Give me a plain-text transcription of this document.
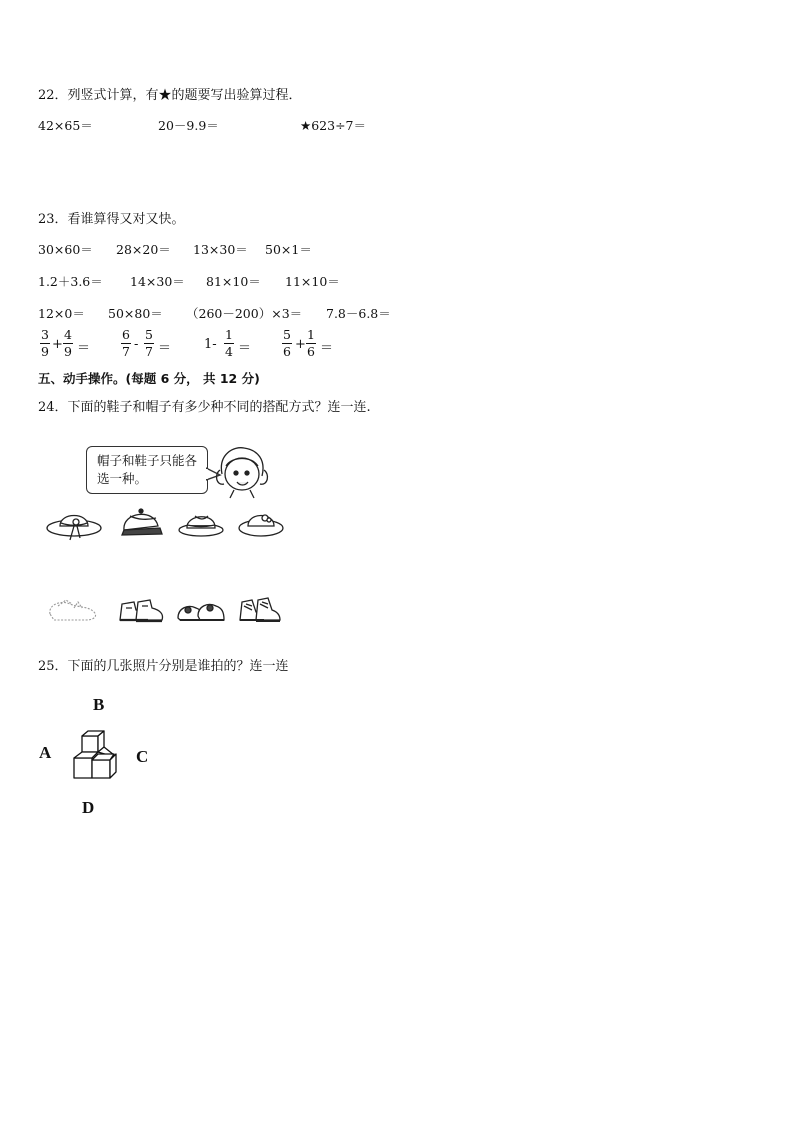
22．列竖式计算，有★的题要写出验算过程．
42×65＝	20－9.9＝	★623÷7＝
23．看谁算得又对又快。
30×60＝ 28×20＝ 13×30＝ 50×1＝
1.2＋3.6＝ 14×30＝ 81×10＝ 11×10＝
12×0＝ 50×80＝ （260－200）×3＝ 7.8－6.8＝
3
9 +
4
9 ＝
6
7 -
5
7 ＝	1-
1
4 ＝
5
6 +
1
6 ＝
五、动手操作。(每题 6 分， 共 12 分)
24．下面的鞋子和帽子有多少种不同的搭配方式？连一连.
帽子和鞋子只能各选一种。
25．下面的几张照片分别是谁拍的？连一连
B
A	C
D
